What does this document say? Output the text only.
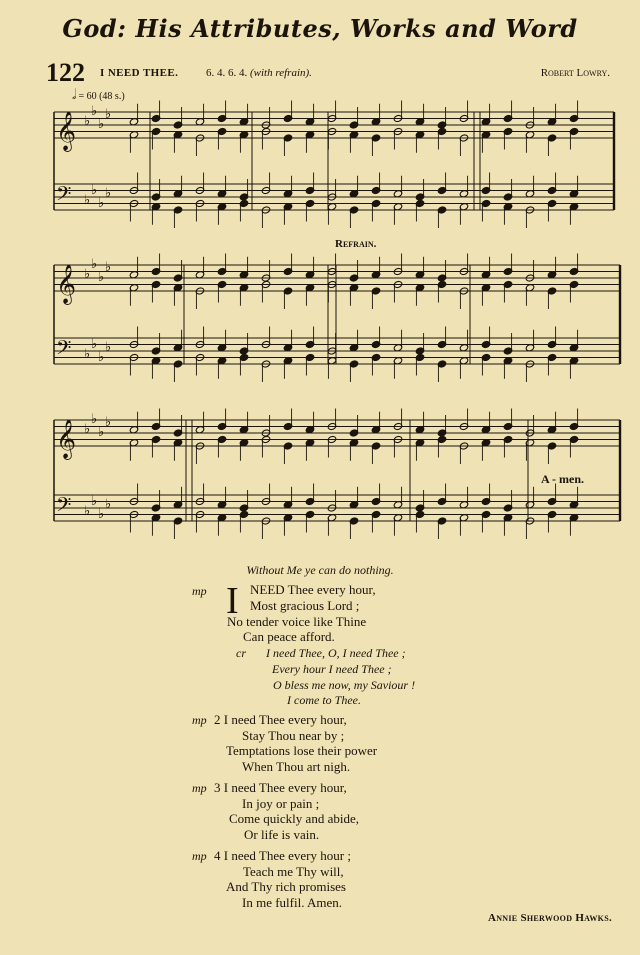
God: His Attributes, Works and Word
122 I NEED THEE.	6. 4. 6. 4. (with refrain).	Robert Lowry.
𝅗𝅥 = 60 (48 s.)
𝄞 ♭
♭
♭
♭
𝄢 ♭
♭
♭
♭
𝄞 ♭
♭
♭
♭
𝄢 ♭
♭
♭
♭
𝄞 ♭
♭
♭
♭
𝄢 ♭
♭
♭
♭
Refrain.
A - men.
Without Me ye can do nothing.
mp I NEED Thee every hour,
Most gracious Lord ;
No tender voice like Thine
Can peace afford.
cr I need Thee, O, I need Thee ;
Every hour I need Thee ;
O bless me now, my Saviour !
I come to Thee.
mp 2 I need Thee every hour,
Stay Thou near by ;
Temptations lose their power
When Thou art nigh.
mp 3 I need Thee every hour,
In joy or pain ;
Come quickly and abide,
Or life is vain.
mp 4 I need Thee every hour ;
Teach me Thy will,
And Thy rich promises
In me fulfil. Amen.
Annie Sherwood Hawks.
